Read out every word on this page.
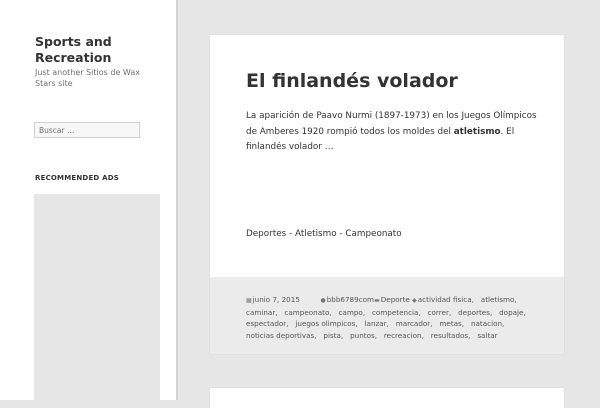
Sports and Recreation
Just another Sitios de Wax Stars site
Buscar …
RECOMMENDED ADS
El finlandés volador
La aparición de Paavo Nurmi (1897-1973) en los Juegos Olímpicos de Amberes 1920 rompió todos los moldes del atletismo. El finlandés volador …
Deportes - Atletismo - Campeonato
▦junio 7, 2015	●bbb6789com▬Deporte ◆actividad fisica,   atletismo,   caminar,   campeonato,   campo,   competencia,   correr,   deportes,   dopaje,   espectador,   juegos olimpicos,   lanzar,   marcador,   metas,   natacion,   noticias deportivas,   pista,   puntos,   recreacion,   resultados,   saltar
